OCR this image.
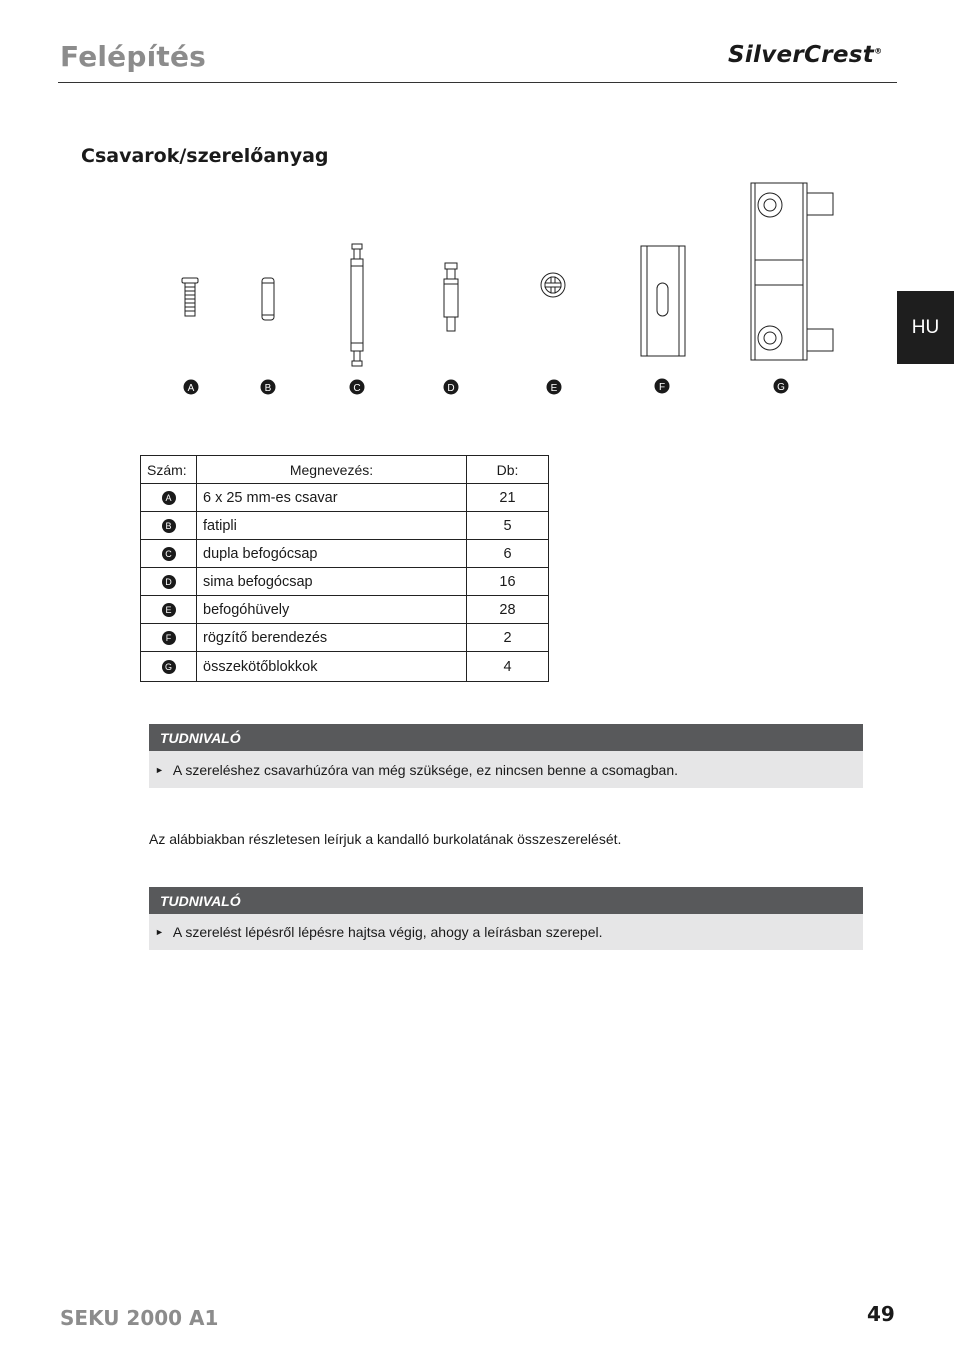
Felépítés	SilverCrest®
HU
Csavarok/szerelőanyag
A	B	C	D	E	F	G
Szám:	Megnevezés:	Db:
A	6 x 25 mm-es csavar	21
B	fatipli	5
C	dupla befogócsap	6
D	sima befogócsap	16
E	befogóhüvely	28
F	rögzítő berendezés	2
G	összekötőblokkok	4
TUDNIVALÓ
► A szereléshez csavarhúzóra van még szüksége, ez nincsen benne a csomagban.
Az alábbiakban részletesen leírjuk a kandalló burkolatának összeszerelését.
TUDNIVALÓ
► A szerelést lépésről lépésre hajtsa végig, ahogy a leírásban szerepel.
SEKU 2000 A1	49
